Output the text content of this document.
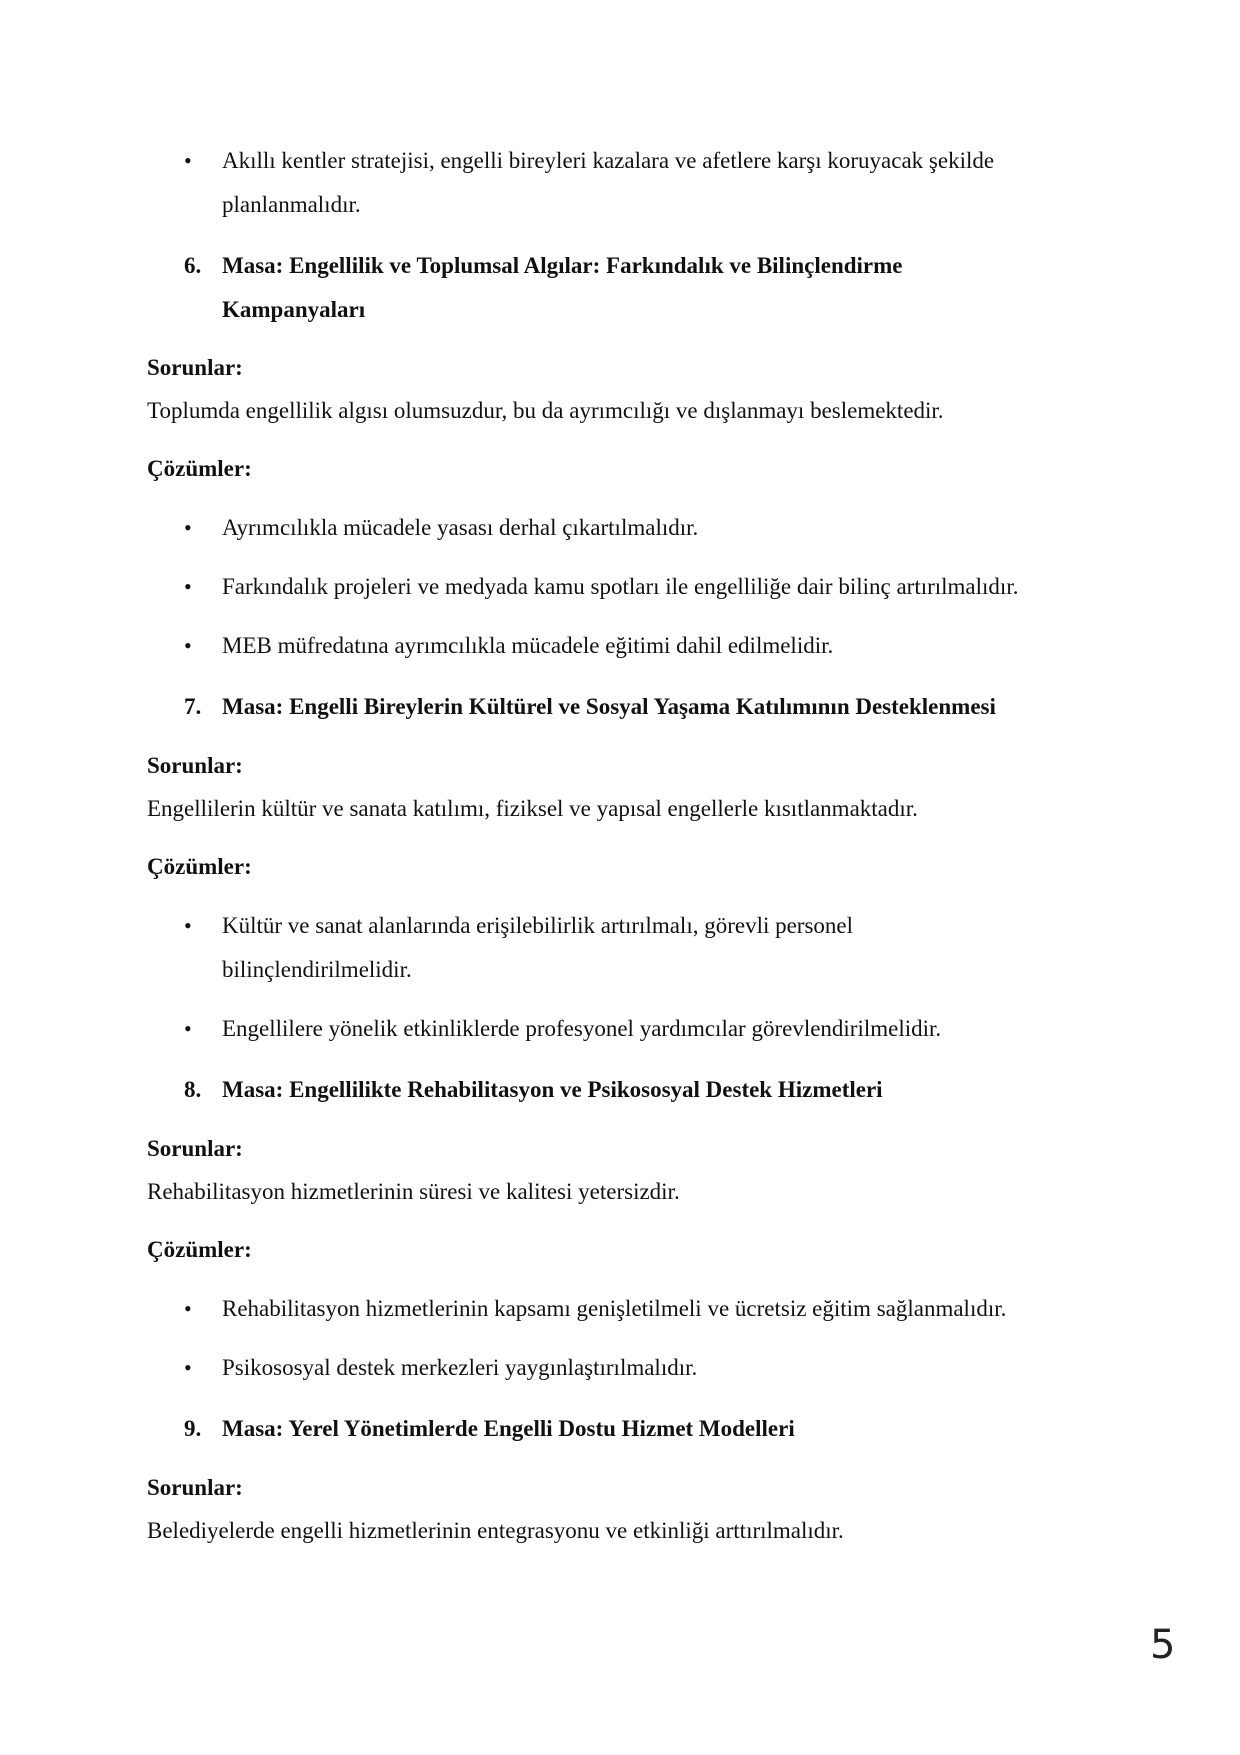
• Akıllı kentler stratejisi, engelli bireyleri kazalara ve afetlere karşı koruyacak şekilde
planlanmalıdır.
6. Masa: Engellilik ve Toplumsal Algılar: Farkındalık ve Bilinçlendirme
Kampanyaları
Sorunlar:
Toplumda engellilik algısı olumsuzdur, bu da ayrımcılığı ve dışlanmayı beslemektedir.
Çözümler:
• Ayrımcılıkla mücadele yasası derhal çıkartılmalıdır.
• Farkındalık projeleri ve medyada kamu spotları ile engelliliğe dair bilinç artırılmalıdır.
• MEB müfredatına ayrımcılıkla mücadele eğitimi dahil edilmelidir.
7. Masa: Engelli Bireylerin Kültürel ve Sosyal Yaşama Katılımının Desteklenmesi
Sorunlar:
Engellilerin kültür ve sanata katılımı, fiziksel ve yapısal engellerle kısıtlanmaktadır.
Çözümler:
• Kültür ve sanat alanlarında erişilebilirlik artırılmalı, görevli personel
bilinçlendirilmelidir.
• Engellilere yönelik etkinliklerde profesyonel yardımcılar görevlendirilmelidir.
8. Masa: Engellilikte Rehabilitasyon ve Psikososyal Destek Hizmetleri
Sorunlar:
Rehabilitasyon hizmetlerinin süresi ve kalitesi yetersizdir.
Çözümler:
• Rehabilitasyon hizmetlerinin kapsamı genişletilmeli ve ücretsiz eğitim sağlanmalıdır.
• Psikososyal destek merkezleri yaygınlaştırılmalıdır.
9. Masa: Yerel Yönetimlerde Engelli Dostu Hizmet Modelleri
Sorunlar:
Belediyelerde engelli hizmetlerinin entegrasyonu ve etkinliği arttırılmalıdır.
5
